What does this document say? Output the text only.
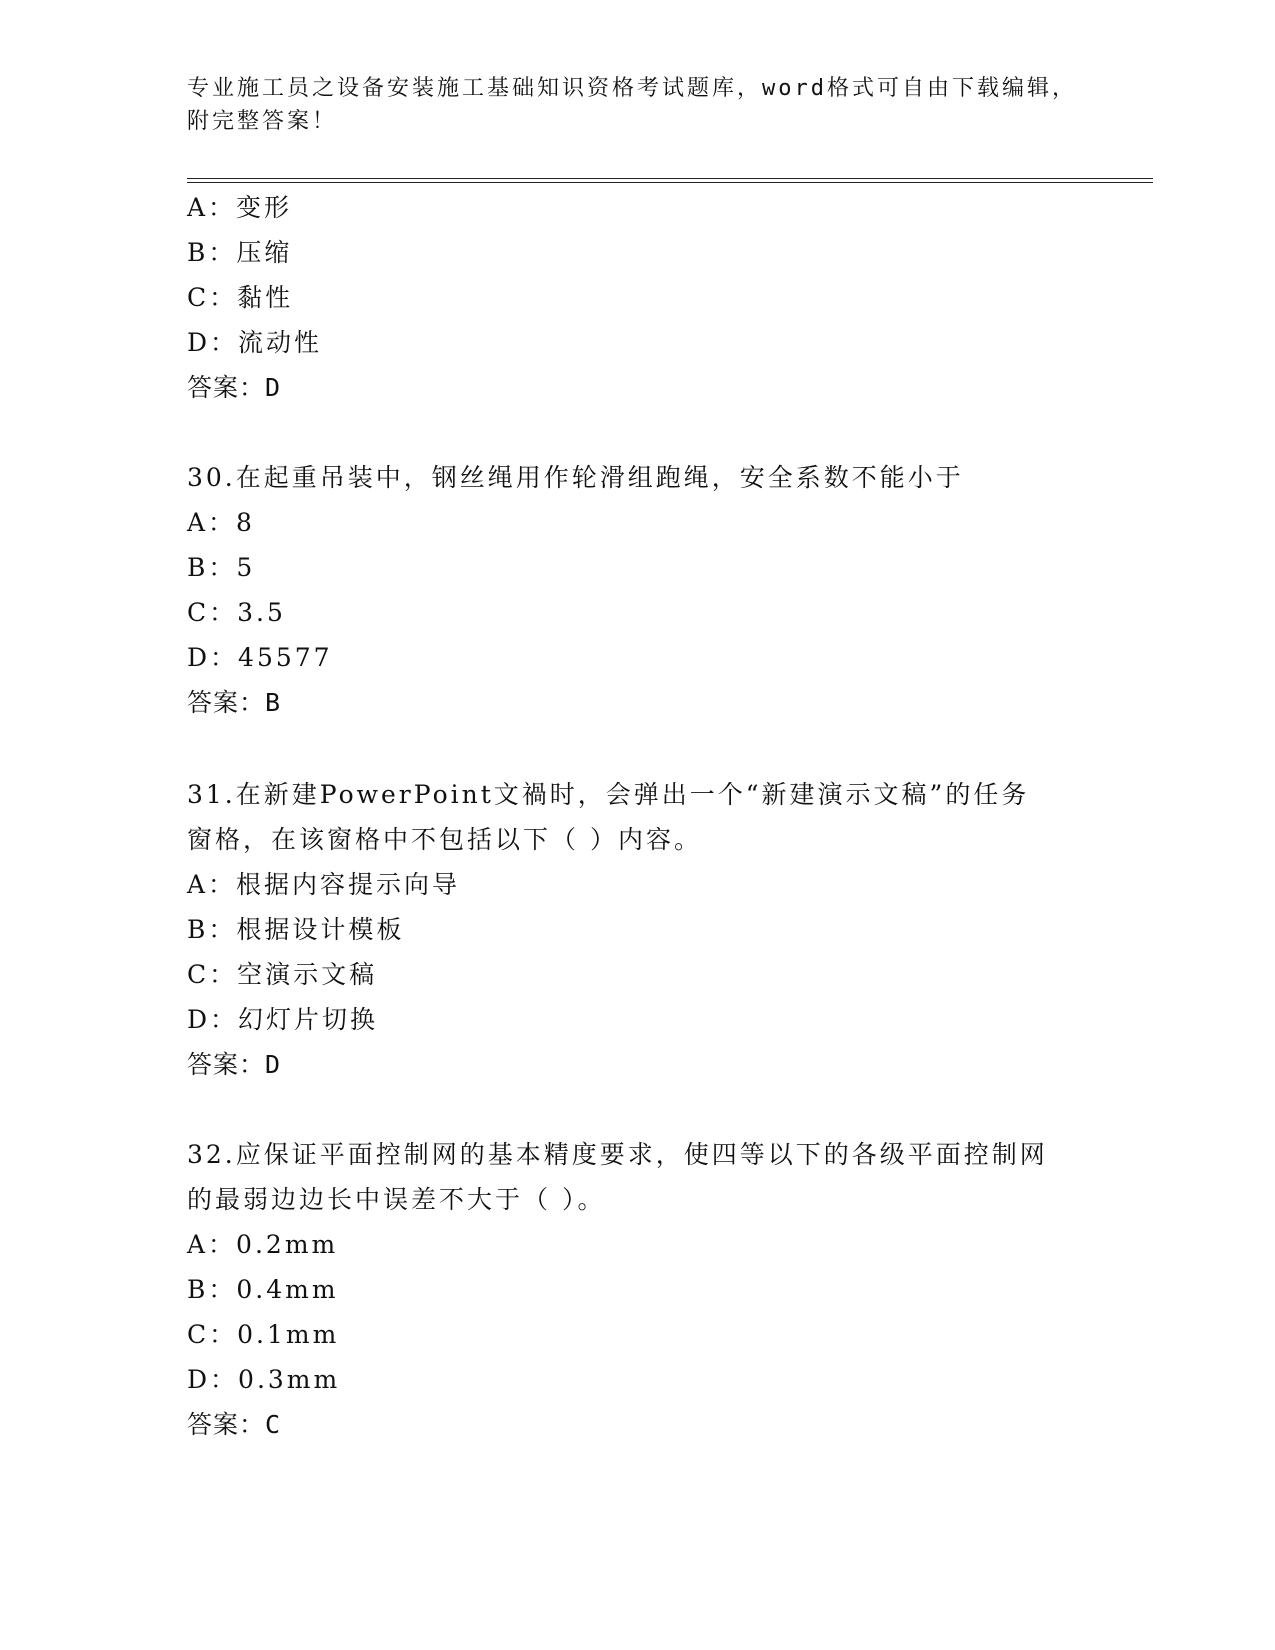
专业施工员之设备安装施工基础知识资格考试题库，word格式可自由下载编辑，
附完整答案！
A：变形
B：压缩
C：黏性
D：流动性
答案：D
30.在起重吊装中，钢丝绳用作轮滑组跑绳，安全系数不能小于
A：8
B：5
C：3.5
D：45577
答案：B
31.在新建PowerPoint文禍时，会弹出一个“新建演示文稿”的任务
窗格，在该窗格中不包括以下（ ）内容。
A：根据内容提示向导
B：根据设计模板
C：空演示文稿
D：幻灯片切换
答案：D
32.应保证平面控制网的基本精度要求，使四等以下的各级平面控制网
的最弱边边长中误差不大于（ ）。
A：0.2mm
B：0.4mm
C：0.1mm
D：0.3mm
答案：C
